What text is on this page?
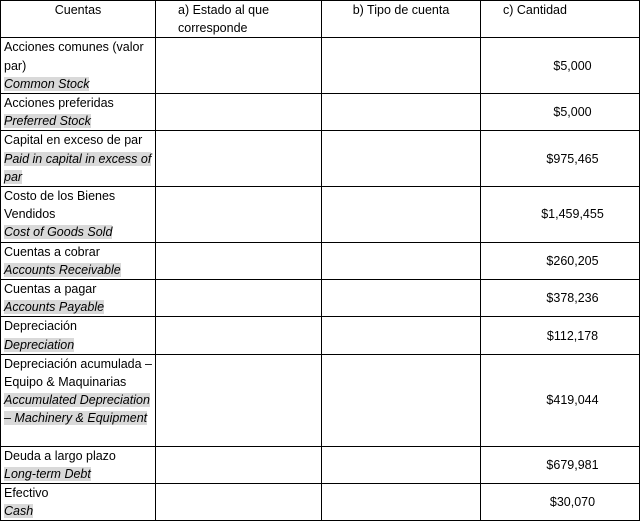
Cuentas	a) Estado al que corresponde	b) Tipo de cuenta	c) Cantidad

Acciones comunes (valor par)
Common Stock			$5,000

Acciones preferidas
Preferred Stock			$5,000

Capital en exceso de par
Paid in capital in excess of par			$975,465

Costo de los Bienes Vendidos
Cost of Goods Sold			$1,459,455

Cuentas a cobrar
Accounts Receivable			$260,205

Cuentas a pagar
Accounts Payable			$378,236

Depreciación
Depreciation			$112,178

Depreciación acumulada – Equipo & Maquinarias
Accumulated Depreciation – Machinery & Equipment			$419,044

Deuda a largo plazo
Long-term Debt			$679,981

Efectivo
Cash			$30,070
